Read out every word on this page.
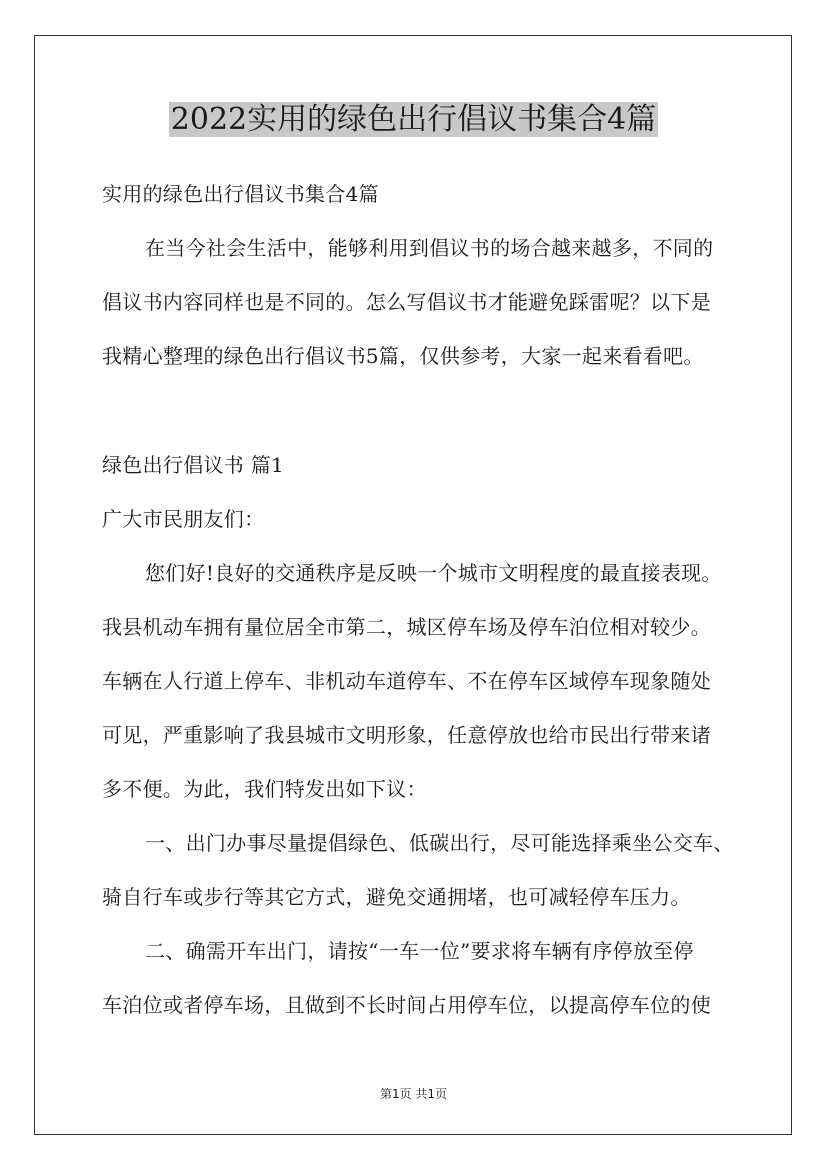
2022实用的绿色出行倡议书集合4篇
实用的绿色出行倡议书集合4篇
在当今社会生活中，能够利用到倡议书的场合越来越多，不同的
倡议书内容同样也是不同的。怎么写倡议书才能避免踩雷呢？以下是
我精心整理的绿色出行倡议书5篇，仅供参考，大家一起来看看吧。
绿色出行倡议书 篇1
广大市民朋友们：
您们好!良好的交通秩序是反映一个城市文明程度的最直接表现。
我县机动车拥有量位居全市第二，城区停车场及停车泊位相对较少。
车辆在人行道上停车、非机动车道停车、不在停车区域停车现象随处
可见，严重影响了我县城市文明形象，任意停放也给市民出行带来诸
多不便。为此，我们特发出如下议：
一、出门办事尽量提倡绿色、低碳出行，尽可能选择乘坐公交车、
骑自行车或步行等其它方式，避免交通拥堵，也可减轻停车压力。
二、确需开车出门，请按“一车一位”要求将车辆有序停放至停
车泊位或者停车场，且做到不长时间占用停车位，以提高停车位的使
第1页 共1页
